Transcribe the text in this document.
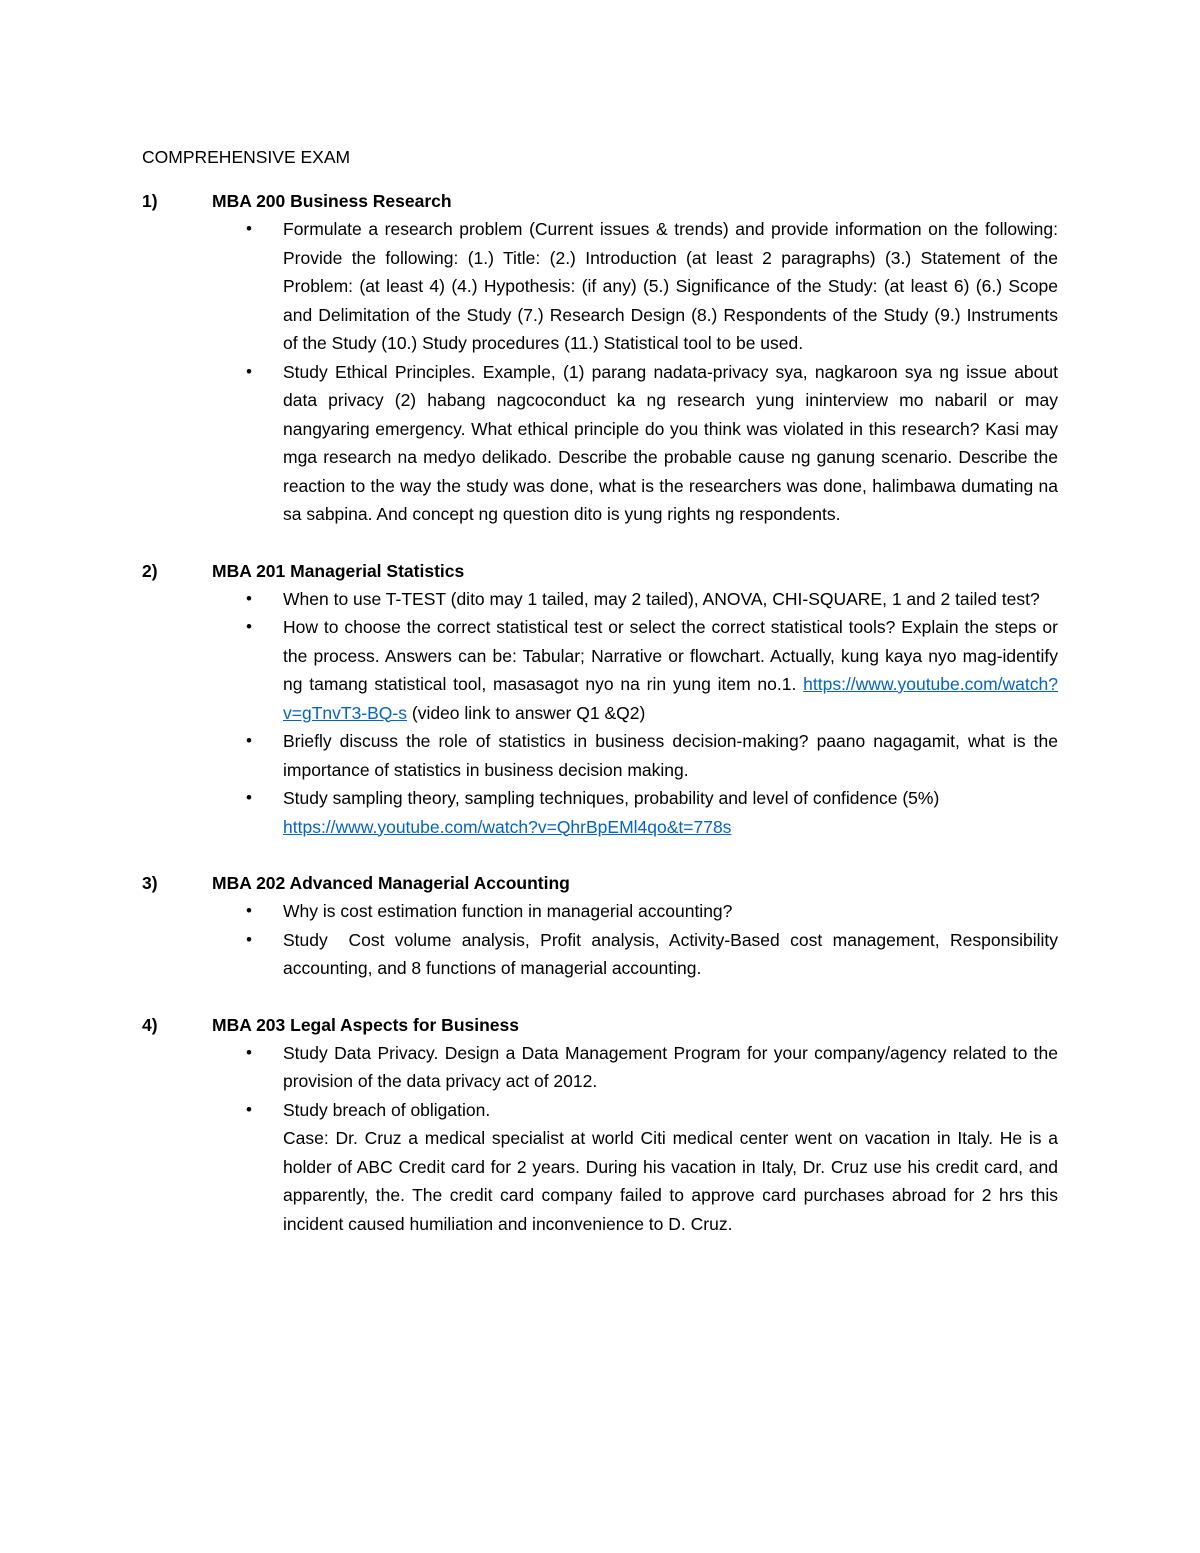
COMPREHENSIVE EXAM
1)	MBA 200 Business Research
• Formulate a research problem (Current issues & trends) and provide information on the following: Provide the following: (1.) Title: (2.) Introduction (at least 2 paragraphs) (3.) Statement of the Problem: (at least 4) (4.) Hypothesis: (if any) (5.) Significance of the Study: (at least 6) (6.) Scope and Delimitation of the Study (7.) Research Design (8.) Respondents of the Study (9.) Instruments of the Study (10.) Study procedures (11.) Statistical tool to be used.
• Study Ethical Principles. Example, (1) parang nadata-privacy sya, nagkaroon sya ng issue about data privacy (2) habang nagcoconduct ka ng research yung ininterview mo nabaril or may nangyaring emergency. What ethical principle do you think was violated in this research? Kasi may mga research na medyo delikado. Describe the probable cause ng ganung scenario. Describe the reaction to the way the study was done, what is the researchers was done, halimbawa dumating na sa sabpina. And concept ng question dito is yung rights ng respondents.
2)	MBA 201 Managerial Statistics
• When to use T-TEST (dito may 1 tailed, may 2 tailed), ANOVA, CHI-SQUARE, 1 and 2 tailed test?
• How to choose the correct statistical test or select the correct statistical tools? Explain the steps or the process. Answers can be: Tabular; Narrative or flowchart. Actually, kung kaya nyo mag-identify ng tamang statistical tool, masasagot nyo na rin yung item no.1. https://www.youtube.com/watch?v=gTnvT3-BQ-s (video link to answer Q1 &Q2)
• Briefly discuss the role of statistics in business decision-making? paano nagagamit, what is the importance of statistics in business decision making.
• Study sampling theory, sampling techniques, probability and level of confidence (5%)
https://www.youtube.com/watch?v=QhrBpEMl4qo&t=778s
3)	MBA 202 Advanced Managerial Accounting
• Why is cost estimation function in managerial accounting?
• Study  Cost volume analysis, Profit analysis, Activity-Based cost management, Responsibility accounting, and 8 functions of managerial accounting.
4)	MBA 203 Legal Aspects for Business
• Study Data Privacy. Design a Data Management Program for your company/agency related to the provision of the data privacy act of 2012.
• Study breach of obligation.
Case: Dr. Cruz a medical specialist at world Citi medical center went on vacation in Italy. He is a holder of ABC Credit card for 2 years. During his vacation in Italy, Dr. Cruz use his credit card, and apparently, the. The credit card company failed to approve card purchases abroad for 2 hrs this incident caused humiliation and inconvenience to D. Cruz.
